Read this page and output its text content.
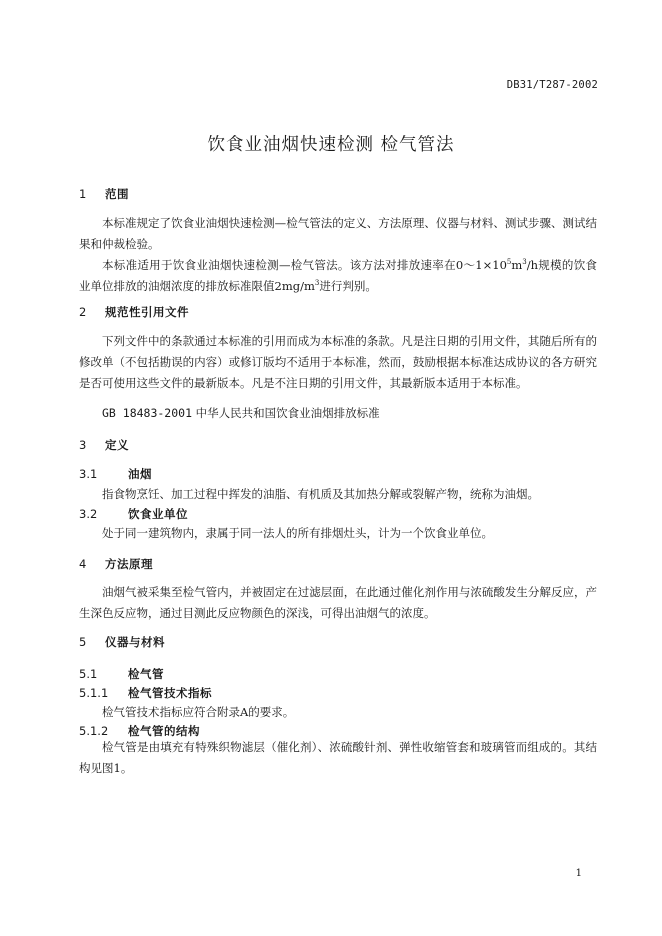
DB31/T287-2002
饮食业油烟快速检测 检气管法
1 范围
本标准规定了饮食业油烟快速检测—检气管法的定义、方法原理、仪器与材料、测试步骤、测试结果和仲裁检验。
本标准适用于饮食业油烟快速检测—检气管法。该方法对排放速率在$0\sim 1\times 10^5m^3/h$规模的饮食业单位排放的油烟浓度的排放标准限值$2mg/m^3$进行判别。
2 规范性引用文件
下列文件中的条款通过本标准的引用而成为本标准的条款。凡是注日期的引用文件，其随后所有的修改单（不包括勘误的内容）或修订版均不适用于本标准，然而，鼓励根据本标准达成协议的各方研究是否可使用这些文件的最新版本。凡是不注日期的引用文件，其最新版本适用于本标准。
GB 18483-2001 中华人民共和国饮食业油烟排放标准
3 定义
3.1	油烟
指食物烹饪、加工过程中挥发的油脂、有机质及其加热分解或裂解产物，统称为油烟。
3.2	饮食业单位
处于同一建筑物内，隶属于同一法人的所有排烟灶头，计为一个饮食业单位。
4 方法原理
油烟气被采集至检气管内，并被固定在过滤层面，在此通过催化剂作用与浓硫酸发生分解反应，产生深色反应物，通过目测此反应物颜色的深浅，可得出油烟气的浓度。
5 仪器与材料
5.1	检气管
5.1.1 检气管技术指标
检气管技术指标应符合附录A的要求。
5.1.2 检气管的结构
检气管是由填充有特殊织物滤层（催化剂）、浓硫酸针剂、弹性收缩管套和玻璃管而组成的。其结构见图1。
1
